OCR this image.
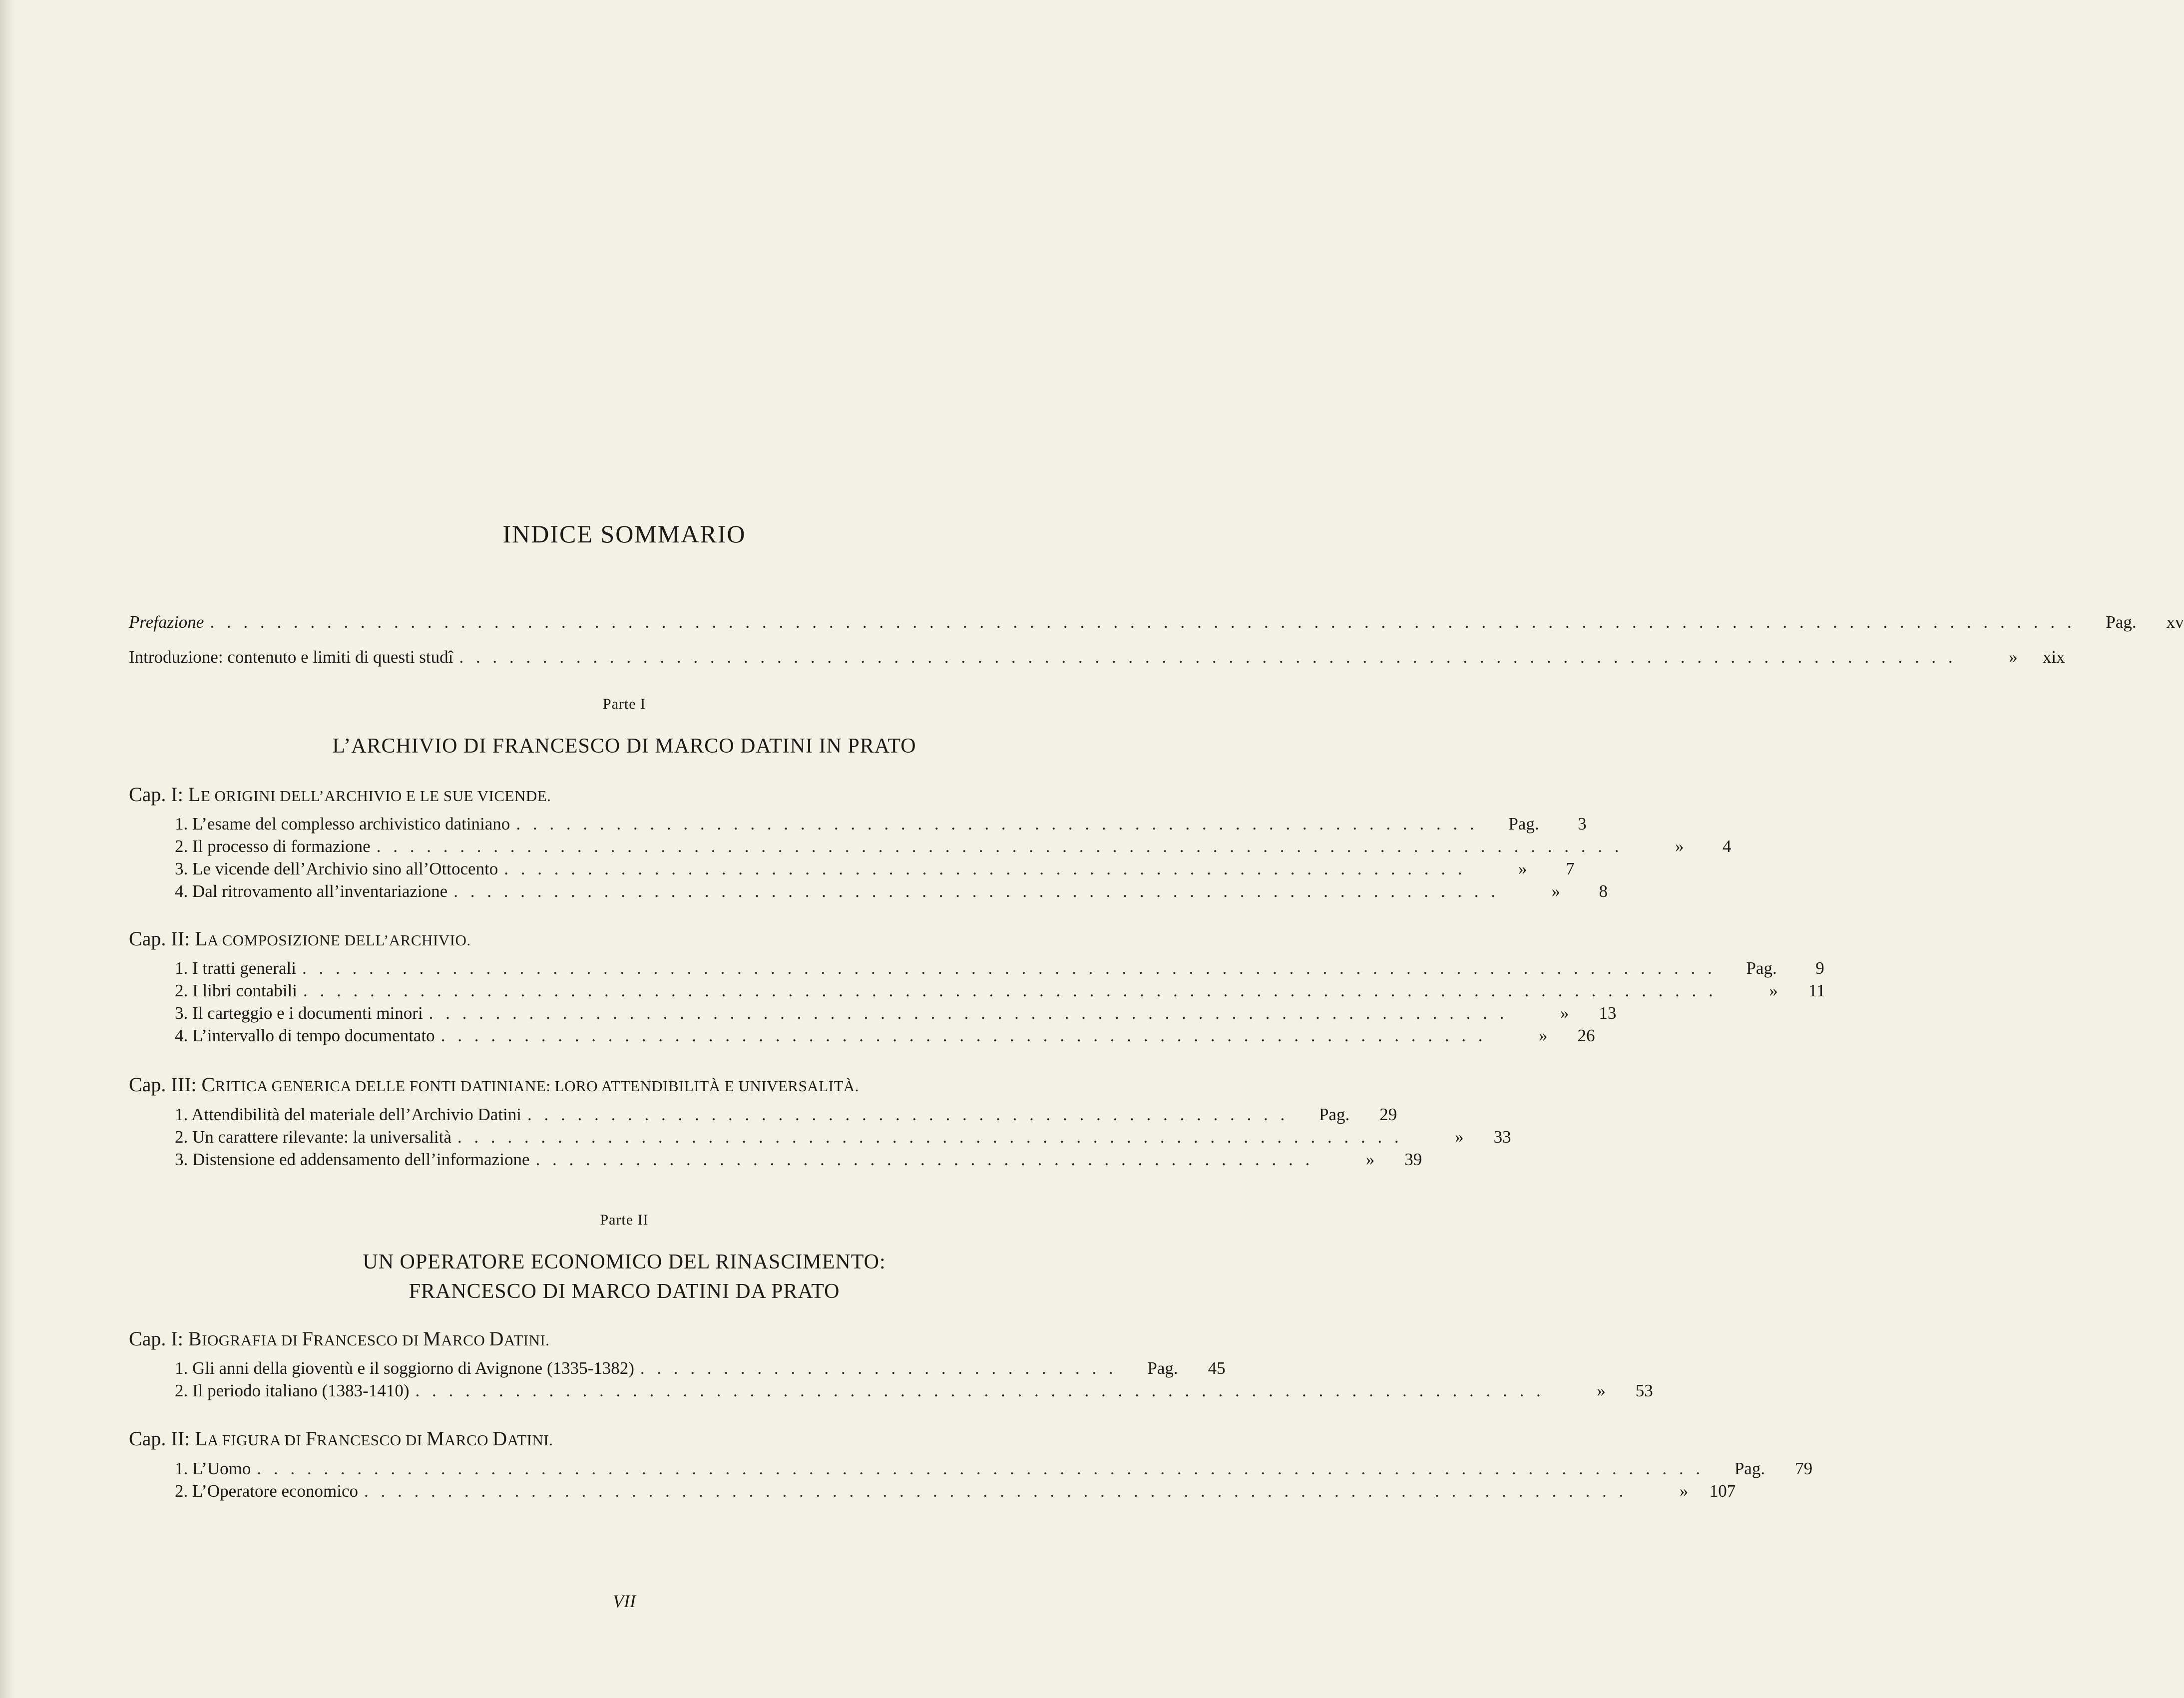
INDICE SOMMARIO
Prefazione . . . . . . . . . . . . . . . . . . . . . . . . . . . . . . . . . . . . . . . . . . . . . . . . . . . . . . . . . . . . . . . . . . . . . . . . . . . . . . . . . . . . . . . . . . . . . . . . . . . . . . . . . . . . . . . .	Pag.	xv
Introduzione: contenuto e limiti di questi studî . . . . . . . . . . . . . . . . . . . . . . . . . . . . . . . . . . . . . . . . . . . . . . . . . . . . . . . . . . . . . . . . . . . . . . . . . . . . . . . . . . . . . . . . . .	»	xix
Parte I
L’ARCHIVIO DI FRANCESCO DI MARCO DATINI IN PRATO
Cap. I: LE ORIGINI DELL’ARCHIVIO E LE SUE VICENDE.
1. L’esame del complesso archivistico datiniano . . . . . . . . . . . . . . . . . . . . . . . . . . . . . . . . . . . . . . . . . . . . . . . . . . . . . . . . . .	Pag.	3
2. Il processo di formazione . . . . . . . . . . . . . . . . . . . . . . . . . . . . . . . . . . . . . . . . . . . . . . . . . . . . . . . . . . . . . . . . . . . . . . . . . . .	»	4
3. Le vicende dell’Archivio sino all’Ottocento . . . . . . . . . . . . . . . . . . . . . . . . . . . . . . . . . . . . . . . . . . . . . . . . . . . . . . . . . .	»	7
4. Dal ritrovamento all’inventariazione . . . . . . . . . . . . . . . . . . . . . . . . . . . . . . . . . . . . . . . . . . . . . . . . . . . . . . . . . . . . . . .	»	8
Cap. II: LA COMPOSIZIONE DELL’ARCHIVIO.
1. I tratti generali . . . . . . . . . . . . . . . . . . . . . . . . . . . . . . . . . . . . . . . . . . . . . . . . . . . . . . . . . . . . . . . . . . . . . . . . . . . . . . . . . . . . .	Pag.	9
2. I libri contabili . . . . . . . . . . . . . . . . . . . . . . . . . . . . . . . . . . . . . . . . . . . . . . . . . . . . . . . . . . . . . . . . . . . . . . . . . . . . . . . . . . . . .	»	11
3. Il carteggio e i documenti minori . . . . . . . . . . . . . . . . . . . . . . . . . . . . . . . . . . . . . . . . . . . . . . . . . . . . . . . . . . . . . . . . .	»	13
4. L’intervallo di tempo documentato . . . . . . . . . . . . . . . . . . . . . . . . . . . . . . . . . . . . . . . . . . . . . . . . . . . . . . . . . . . . . . .	»	26
Cap. III: CRITICA GENERICA DELLE FONTI DATINIANE: LORO ATTENDIBILITÀ E UNIVERSALITÀ.
1. Attendibilità del materiale dell’Archivio Datini . . . . . . . . . . . . . . . . . . . . . . . . . . . . . . . . . . . . . . . . . . . . . .	Pag.	29
2. Un carattere rilevante: la universalità . . . . . . . . . . . . . . . . . . . . . . . . . . . . . . . . . . . . . . . . . . . . . . . . . . . . . . . . .	»	33
3. Distensione ed addensamento dell’informazione . . . . . . . . . . . . . . . . . . . . . . . . . . . . . . . . . . . . . . . . . . . . . . .	»	39
Parte II
UN OPERATORE ECONOMICO DEL RINASCIMENTO:
FRANCESCO DI MARCO DATINI DA PRATO
Cap. I: BIOGRAFIA DI FRANCESCO DI MARCO DATINI.
1. Gli anni della gioventù e il soggiorno di Avignone (1335-1382) . . . . . . . . . . . . . . . . . . . . . . . . . . . . .	Pag.	45
2. Il periodo italiano (1383-1410) . . . . . . . . . . . . . . . . . . . . . . . . . . . . . . . . . . . . . . . . . . . . . . . . . . . . . . . . . . . . . . . . . . . .	»	53
Cap. II: LA FIGURA DI FRANCESCO DI MARCO DATINI.
1. L’Uomo . . . . . . . . . . . . . . . . . . . . . . . . . . . . . . . . . . . . . . . . . . . . . . . . . . . . . . . . . . . . . . . . . . . . . . . . . . . . . . . . . . . . . . .	Pag.	79
2. L’Operatore economico . . . . . . . . . . . . . . . . . . . . . . . . . . . . . . . . . . . . . . . . . . . . . . . . . . . . . . . . . . . . . . . . . . . . . . . . . . . .	»	107
VII
